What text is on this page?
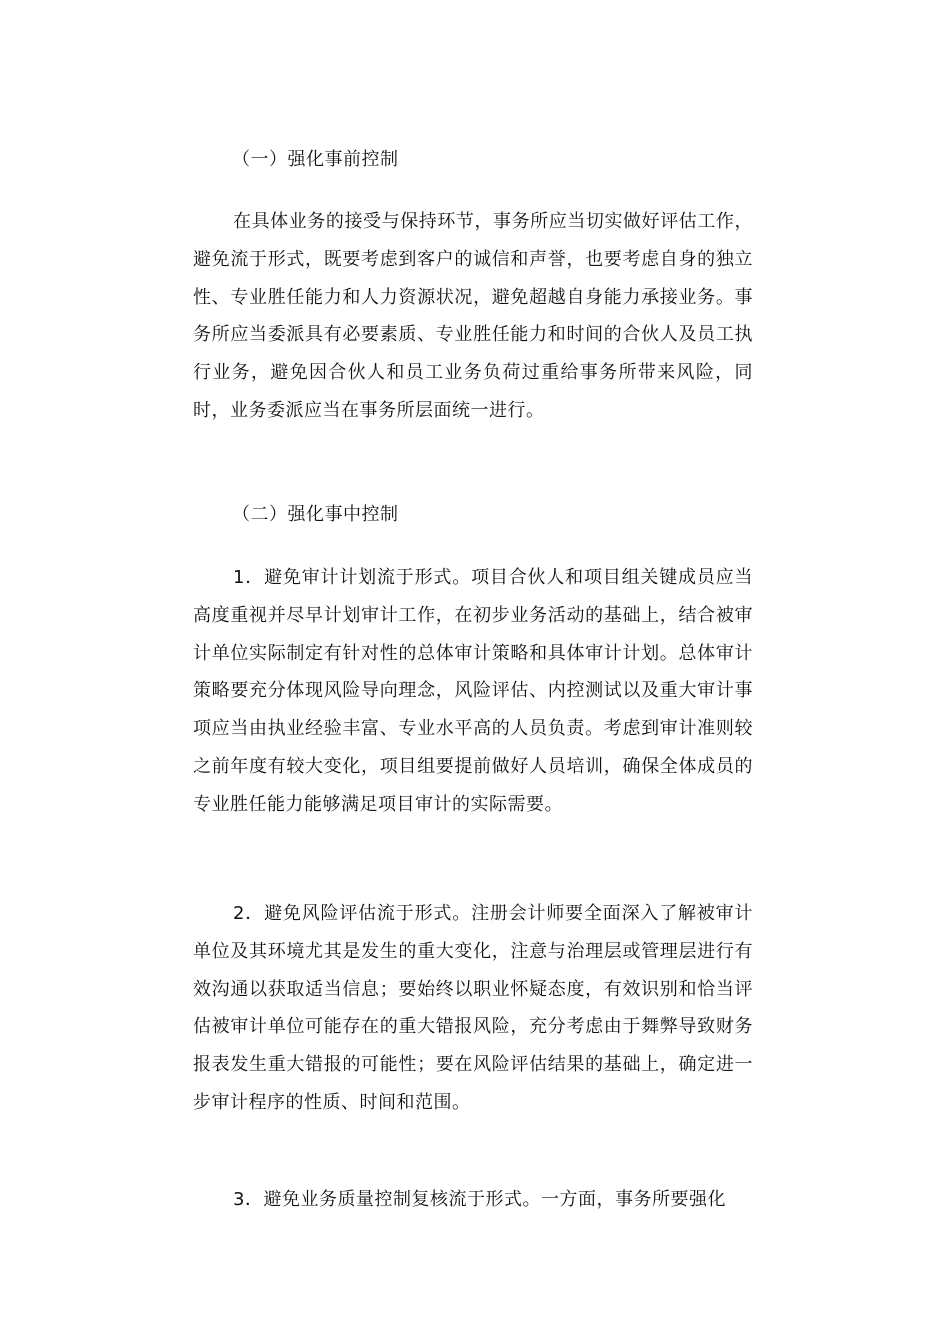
（一）强化事前控制

在具体业务的接受与保持环节，事务所应当切实做好评估工作，避免流于形式，既要考虑到客户的诚信和声誉，也要考虑自身的独立性、专业胜任能力和人力资源状况，避免超越自身能力承接业务。事务所应当委派具有必要素质、专业胜任能力和时间的合伙人及员工执行业务，避免因合伙人和员工业务负荷过重给事务所带来风险，同时，业务委派应当在事务所层面统一进行。

（二）强化事中控制

1．避免审计计划流于形式。项目合伙人和项目组关键成员应当高度重视并尽早计划审计工作，在初步业务活动的基础上，结合被审计单位实际制定有针对性的总体审计策略和具体审计计划。总体审计策略要充分体现风险导向理念，风险评估、内控测试以及重大审计事项应当由执业经验丰富、专业水平高的人员负责。考虑到审计准则较之前年度有较大变化，项目组要提前做好人员培训，确保全体成员的专业胜任能力能够满足项目审计的实际需要。

2．避免风险评估流于形式。注册会计师要全面深入了解被审计单位及其环境尤其是发生的重大变化，注意与治理层或管理层进行有效沟通以获取适当信息；要始终以职业怀疑态度，有效识别和恰当评估被审计单位可能存在的重大错报风险，充分考虑由于舞弊导致财务报表发生重大错报的可能性；要在风险评估结果的基础上，确定进一步审计程序的性质、时间和范围。

3．避免业务质量控制复核流于形式。一方面，事务所要强化
